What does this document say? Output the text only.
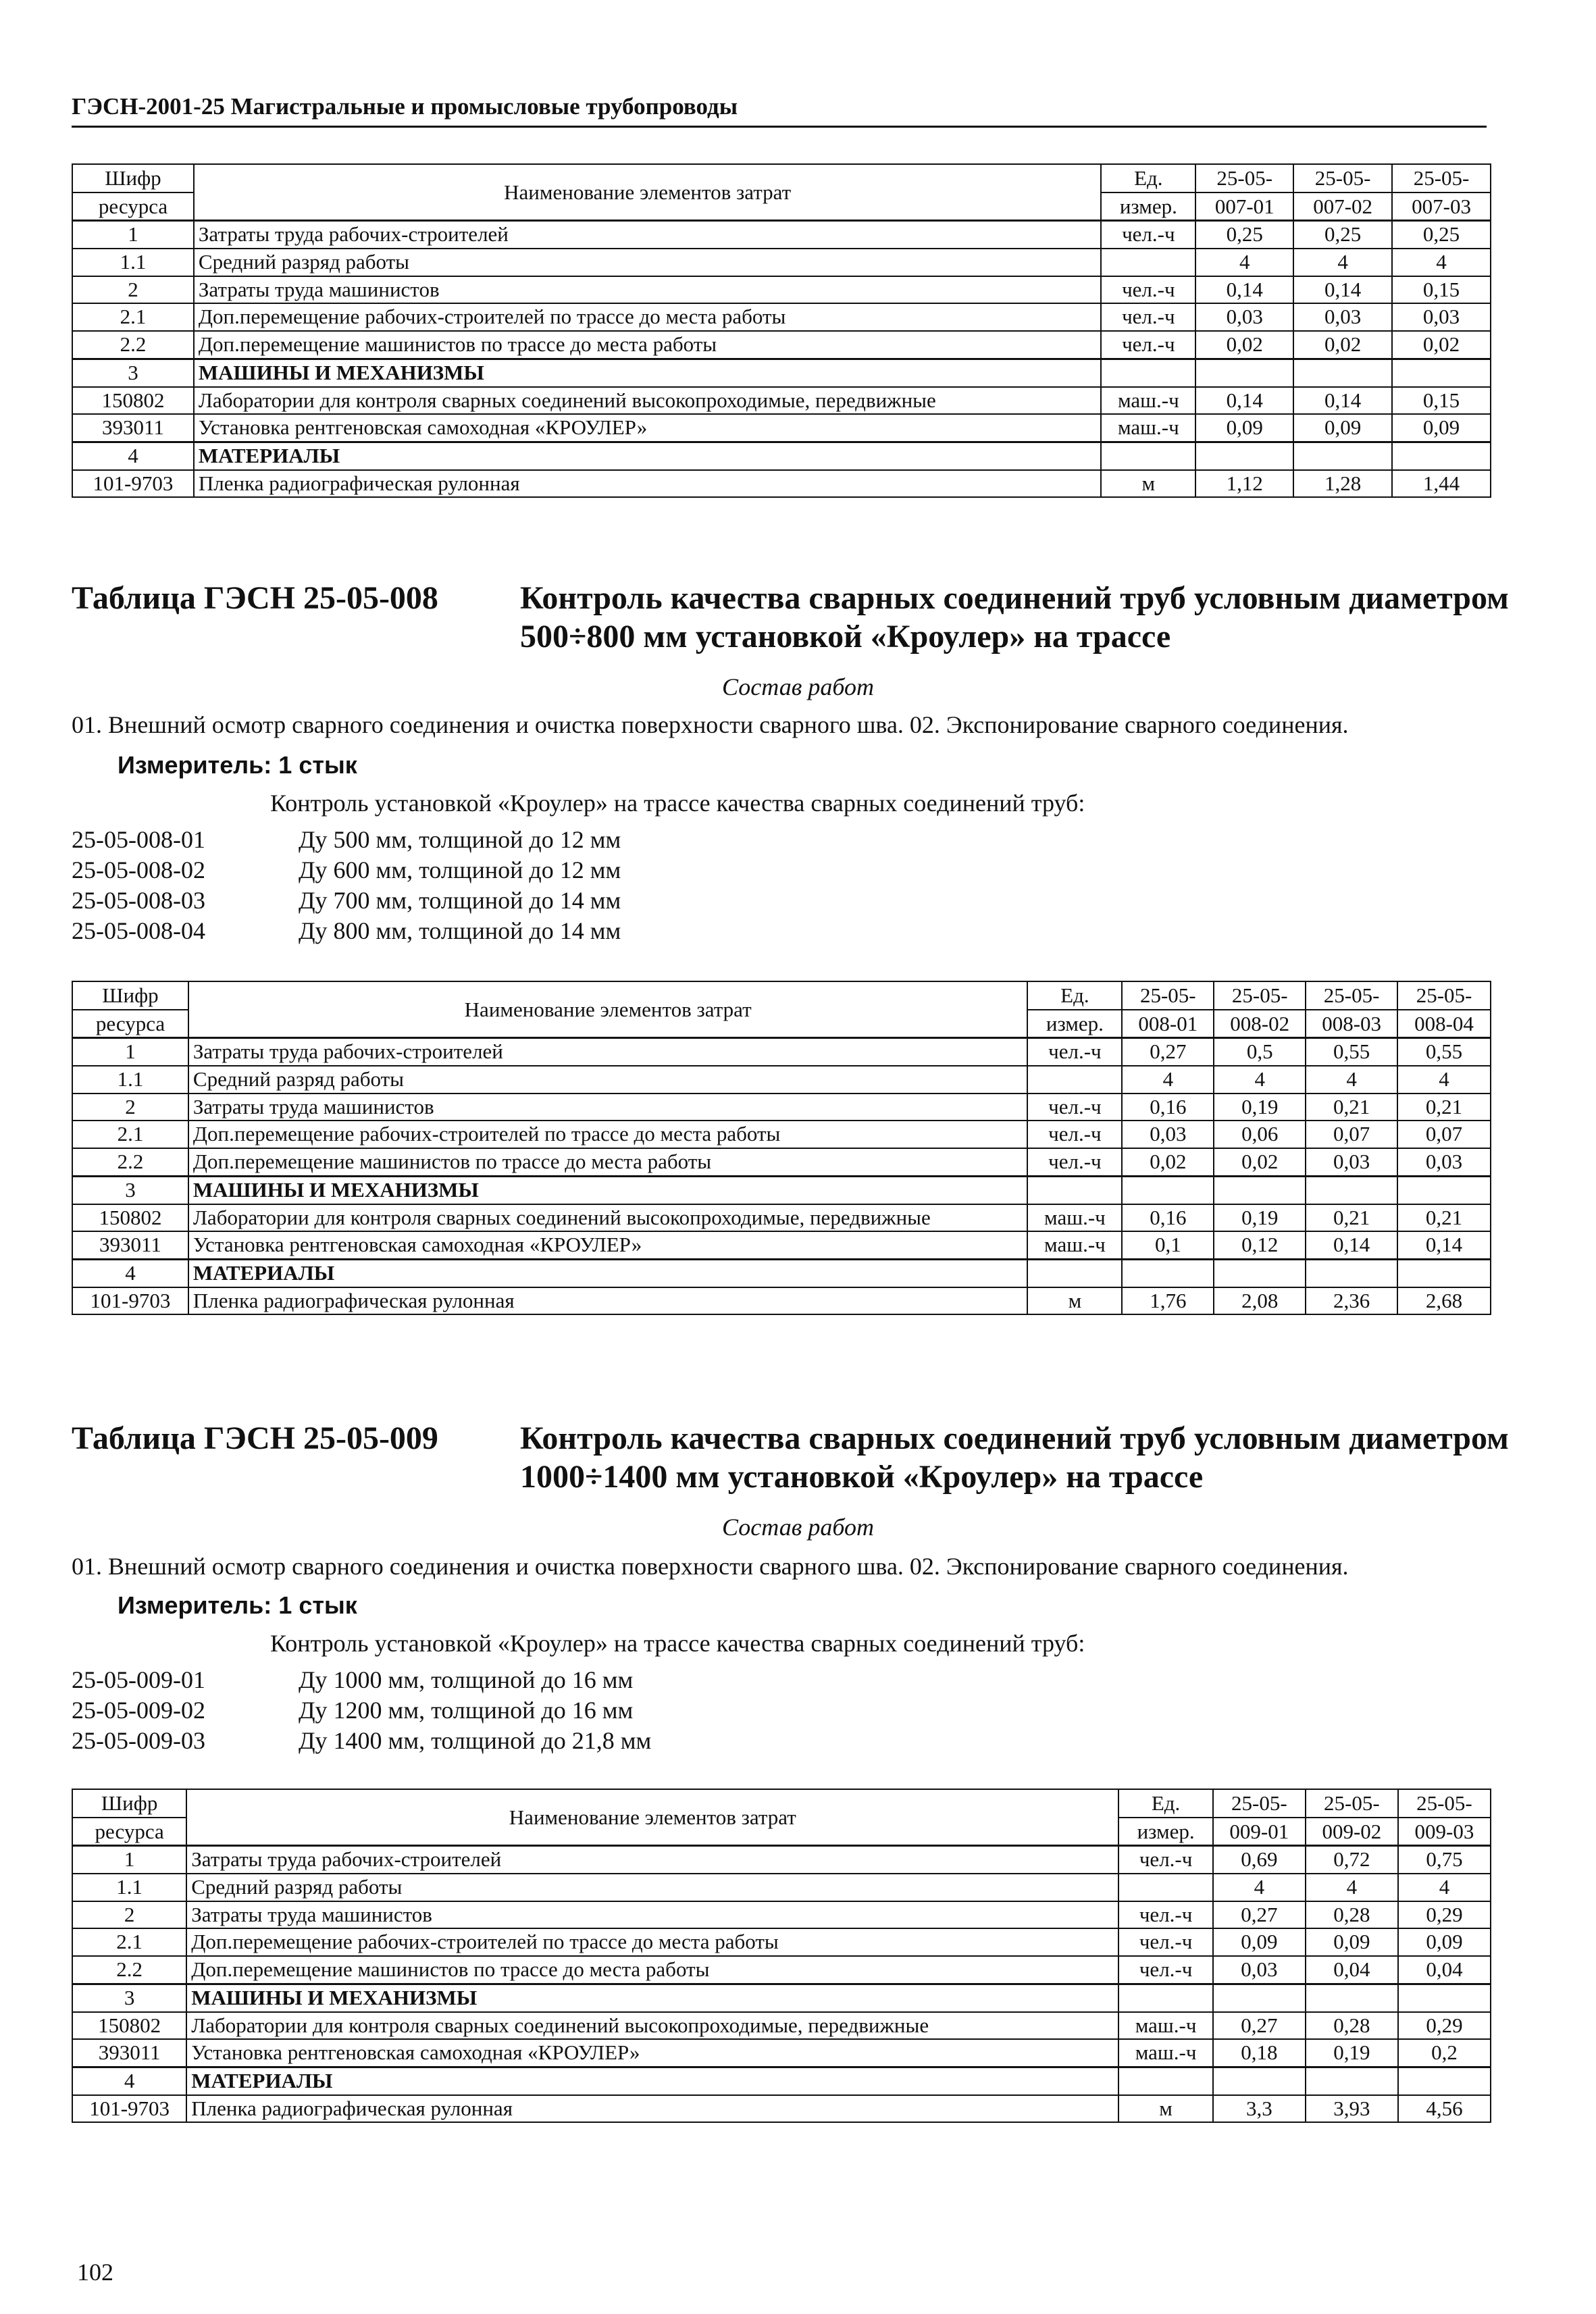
ГЭСН-2001-25 Магистральные и промысловые трубопроводы
Шифр	Наименование элементов затрат	Ед.	25-05-	25-05-	25-05-
ресурса		измер.	007-01	007-02	007-03
1	Затраты труда рабочих-строителей	чел.-ч	0,25	0,25	0,25
1.1	Средний разряд работы		4	4	4
2	Затраты труда машинистов	чел.-ч	0,14	0,14	0,15
2.1	Доп.перемещение рабочих-строителей по трассе до места работы	чел.-ч	0,03	0,03	0,03
2.2	Доп.перемещение машинистов по трассе до места работы	чел.-ч	0,02	0,02	0,02
3	МАШИНЫ И МЕХАНИЗМЫ				
150802	Лаборатории для контроля сварных соединений высокопроходимые, передвижные	маш.-ч	0,14	0,14	0,15
393011	Установка рентгеновская самоходная «КРОУЛЕР»	маш.-ч	0,09	0,09	0,09
4	МАТЕРИАЛЫ				
101-9703	Пленка радиографическая рулонная	м	1,12	1,28	1,44
Таблица ГЭСН 25-05-008	Контроль качества сварных соединений труб условным диаметром 500÷800 мм установкой «Кроулер» на трассе
Состав работ
01. Внешний осмотр сварного соединения и очистка поверхности сварного шва. 02. Экспонирование сварного соединения.
Измеритель: 1 стык
Контроль установкой «Кроулер» на трассе качества сварных соединений труб:
25-05-008-01	Ду 500 мм, толщиной до 12 мм
25-05-008-02	Ду 600 мм, толщиной до 12 мм
25-05-008-03	Ду 700 мм, толщиной до 14 мм
25-05-008-04	Ду 800 мм, толщиной до 14 мм
Шифр	Наименование элементов затрат	Ед.	25-05-	25-05-	25-05-	25-05-
ресурса		измер.	008-01	008-02	008-03	008-04
1	Затраты труда рабочих-строителей	чел.-ч	0,27	0,5	0,55	0,55
1.1	Средний разряд работы		4	4	4	4
2	Затраты труда машинистов	чел.-ч	0,16	0,19	0,21	0,21
2.1	Доп.перемещение рабочих-строителей по трассе до места работы	чел.-ч	0,03	0,06	0,07	0,07
2.2	Доп.перемещение машинистов по трассе до места работы	чел.-ч	0,02	0,02	0,03	0,03
3	МАШИНЫ И МЕХАНИЗМЫ					
150802	Лаборатории для контроля сварных соединений высокопроходимые, передвижные	маш.-ч	0,16	0,19	0,21	0,21
393011	Установка рентгеновская самоходная «КРОУЛЕР»	маш.-ч	0,1	0,12	0,14	0,14
4	МАТЕРИАЛЫ					
101-9703	Пленка радиографическая рулонная	м	1,76	2,08	2,36	2,68
Таблица ГЭСН 25-05-009	Контроль качества сварных соединений труб условным диаметром 1000÷1400 мм установкой «Кроулер» на трассе
Состав работ
01. Внешний осмотр сварного соединения и очистка поверхности сварного шва. 02. Экспонирование сварного соединения.
Измеритель: 1 стык
Контроль установкой «Кроулер» на трассе качества сварных соединений труб:
25-05-009-01	Ду 1000 мм, толщиной до 16 мм
25-05-009-02	Ду 1200 мм, толщиной до 16 мм
25-05-009-03	Ду 1400 мм, толщиной до 21,8 мм
Шифр	Наименование элементов затрат	Ед.	25-05-	25-05-	25-05-
ресурса		измер.	009-01	009-02	009-03
1	Затраты труда рабочих-строителей	чел.-ч	0,69	0,72	0,75
1.1	Средний разряд работы		4	4	4
2	Затраты труда машинистов	чел.-ч	0,27	0,28	0,29
2.1	Доп.перемещение рабочих-строителей по трассе до места работы	чел.-ч	0,09	0,09	0,09
2.2	Доп.перемещение машинистов по трассе до места работы	чел.-ч	0,03	0,04	0,04
3	МАШИНЫ И МЕХАНИЗМЫ				
150802	Лаборатории для контроля сварных соединений высокопроходимые, передвижные	маш.-ч	0,27	0,28	0,29
393011	Установка рентгеновская самоходная «КРОУЛЕР»	маш.-ч	0,18	0,19	0,2
4	МАТЕРИАЛЫ				
101-9703	Пленка радиографическая рулонная	м	3,3	3,93	4,56
102
